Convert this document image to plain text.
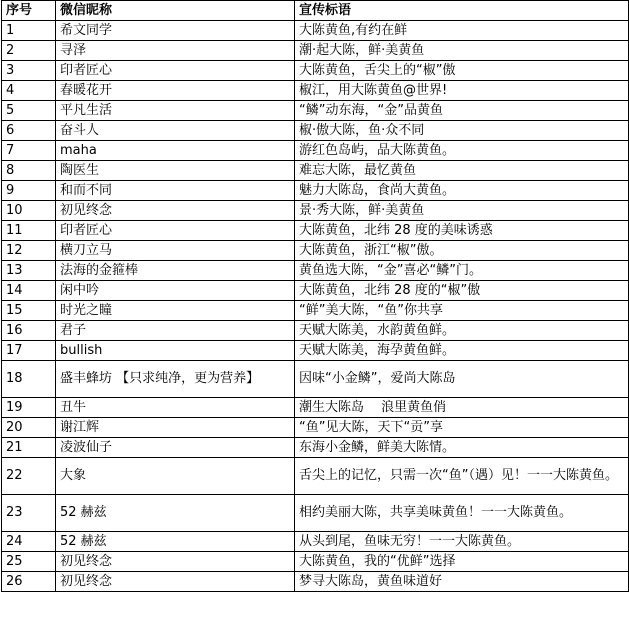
序号	微信昵称	宣传标语
1	希文同学	大陈黄鱼,有约在鲜
2	寻泽	潮·起大陈，鲜·美黄鱼
3	印者匠心	大陈黄鱼，舌尖上的“椒”傲
4	春暖花开	椒江，用大陈黄鱼@世界!
5	平凡生活	“鳞”动东海，“金”品黄鱼
6	奋斗人	椒·傲大陈，鱼·众不同
7	maha	游红色岛屿，品大陈黄鱼。
8	陶医生	难忘大陈，最忆黄鱼
9	和而不同	魅力大陈岛，食尚大黄鱼。
10	初见终念	景·秀大陈，鲜·美黄鱼
11	印者匠心	大陈黄鱼，北纬 28 度的美味诱惑
12	横刀立马	大陈黄鱼，浙江“椒”傲。
13	法海的金箍棒	黄鱼选大陈，“金”喜必“鳞”门。
14	闲中吟	大陈黄鱼，北纬 28 度的“椒”傲
15	时光之瞳	“鲜”美大陈，“鱼”你共享
16	君子	天赋大陈美，水韵黄鱼鲜。
17	bullish	天赋大陈美，海孕黄鱼鲜。
18	盛丰蜂坊 【只求纯净，更为营养】	因味“小金鳞”，爱尚大陈岛
19	丑牛	潮生大陈岛　 浪里黄鱼俏
20	谢江辉	“鱼”见大陈，天下“贡”享
21	凌波仙子	东海小金鳞，鲜美大陈情。
22	大象	舌尖上的记忆，只需一次“鱼”（遇）见！一一大陈黄鱼。
23	52 赫兹	相约美丽大陈，共享美味黄鱼！一一大陈黄鱼。
24	52 赫兹	从头到尾，鱼味无穷！一一大陈黄鱼。
25	初见终念	大陈黄鱼，我的“优鲜”选择
26	初见终念	梦寻大陈岛，黄鱼味道好
